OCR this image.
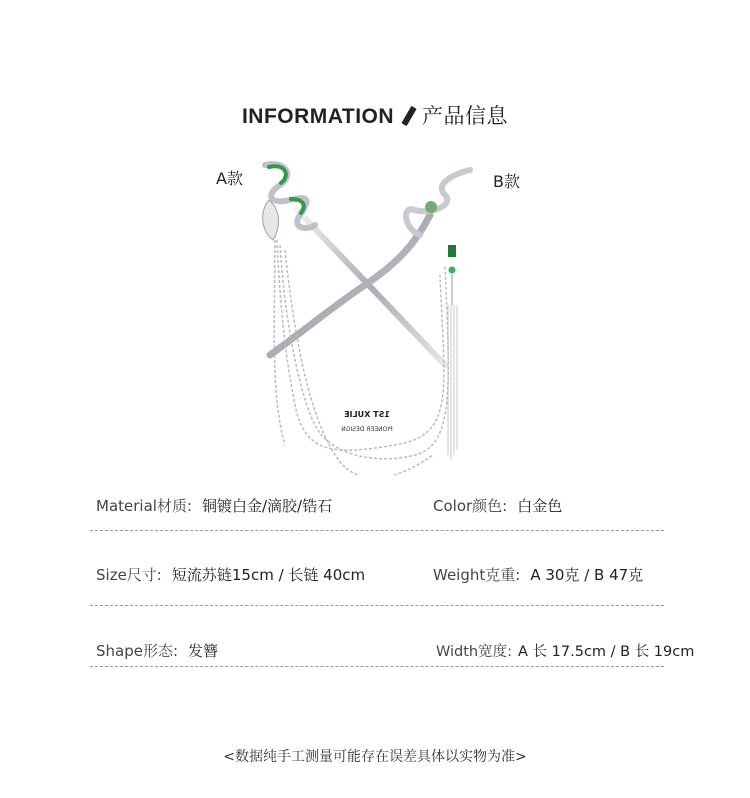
INFORMATION 产品信息
A款	B款
1ST XULIE
PIONEER DESIGN
Material材质: 铜镀白金/滴胶/锆石	Color颜色: 白金色
Size尺寸: 短流苏链15cm / 长链 40cm	Weight克重: A 30克 / B 47克
Shape形态: 发簪	Width宽度: A 长 17.5cm / B 长 19cm
<数据纯手工测量可能存在误差具体以实物为准>
